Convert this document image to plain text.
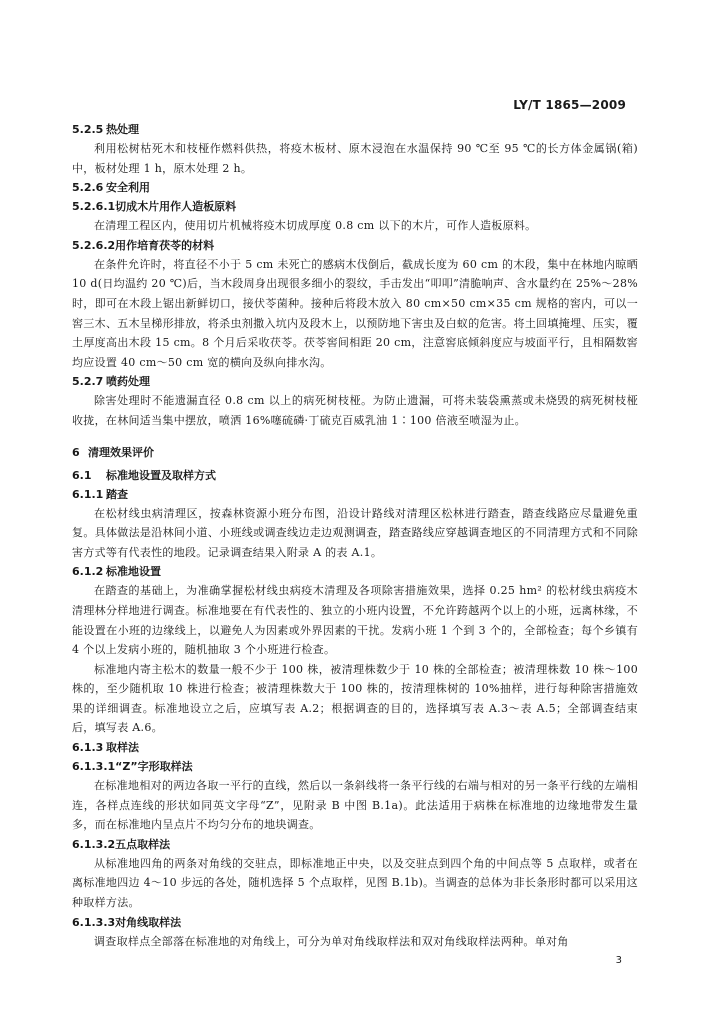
LY/T 1865—2009
5.2.5 热处理

利用松树枯死木和枝桠作燃料供热，将疫木板材、原木浸泡在水温保持 90 ℃至 95 ℃的长方体金属锅(箱)中，板材处理 1 h，原木处理 2 h。

5.2.6 安全利用
5.2.6.1切成木片用作人造板原料

在清理工程区内，使用切片机械将疫木切成厚度 0.8 cm 以下的木片，可作人造板原料。

5.2.6.2用作培育茯苓的材料

在条件允许时，将直径不小于 5 cm 未死亡的感病木伐倒后，截成长度为 60 cm 的木段，集中在林地内晾晒 10 d(日均温约 20 ℃)后，当木段周身出现很多细小的裂纹，手击发出“叩叩”清脆响声、含水量约在 25%～28%时，即可在木段上锯出新鲜切口，接伏苓菌种。接种后将段木放入 80 cm×50 cm×35 cm 规格的窖内，可以一窖三木、五木呈梯形排放，将杀虫剂撒入坑内及段木上，以预防地下害虫及白蚁的危害。将土回填掩埋、压实，覆土厚度高出木段 15 cm。8 个月后采收茯苓。茯苓窖间相距 20 cm，注意窖底倾斜度应与坡面平行，且相隔数窖均应设置 40 cm～50 cm 宽的横向及纵向排水沟。

5.2.7 喷药处理

除害处理时不能遗漏直径 0.8 cm 以上的病死树枝桠。为防止遗漏，可将未装袋熏蒸或未烧毁的病死树枝桠收拢，在林间适当集中摆放，喷洒 16%噻硫磷·丁硫克百威乳油 1∶100 倍液至喷湿为止。

6 清理效果评价
6.1 标准地设置及取样方式
6.1.1 踏查

在松材线虫病清理区，按森林资源小班分布图，沿设计路线对清理区松林进行踏查，踏查线路应尽量避免重复。具体做法是沿林间小道、小班线或调查线边走边观测调查，踏查路线应穿越调查地区的不同清理方式和不同除害方式等有代表性的地段。记录调查结果入附录 A 的表 A.1。

6.1.2 标准地设置

在踏查的基础上，为准确掌握松材线虫病疫木清理及各项除害措施效果，选择 0.25 hm² 的松材线虫病疫木清理林分样地进行调查。标准地要在有代表性的、独立的小班内设置，不允许跨越两个以上的小班，远离林缘，不能设置在小班的边缘线上，以避免人为因素或外界因素的干扰。发病小班 1 个到 3 个的，全部检查；每个乡镇有 4 个以上发病小班的，随机抽取 3 个小班进行检查。

标准地内寄主松木的数量一般不少于 100 株，被清理株数少于 10 株的全部检查；被清理株数 10 株～100 株的，至少随机取 10 株进行检查；被清理株数大于 100 株的，按清理株树的 10%抽样，进行每种除害措施效果的详细调查。标准地设立之后，应填写表 A.2；根据调查的目的，选择填写表 A.3～表 A.5；全部调查结束后，填写表 A.6。

6.1.3 取样法
6.1.3.1“Z”字形取样法

在标准地相对的两边各取一平行的直线，然后以一条斜线将一条平行线的右端与相对的另一条平行线的左端相连，各样点连线的形状如同英文字母“Z”，见附录 B 中图 B.1a)。此法适用于病株在标准地的边缘地带发生量多，而在标准地内呈点片不均匀分布的地块调查。

6.1.3.2五点取样法

从标准地四角的两条对角线的交驻点，即标准地正中央，以及交驻点到四个角的中间点等 5 点取样，或者在离标准地四边 4～10 步远的各处，随机选择 5 个点取样，见图 B.1b)。当调查的总体为非长条形时都可以采用这种取样方法。

6.1.3.3对角线取样法

调查取样点全部落在标准地的对角线上，可分为单对角线取样法和双对角线取样法两种。单对角

3
